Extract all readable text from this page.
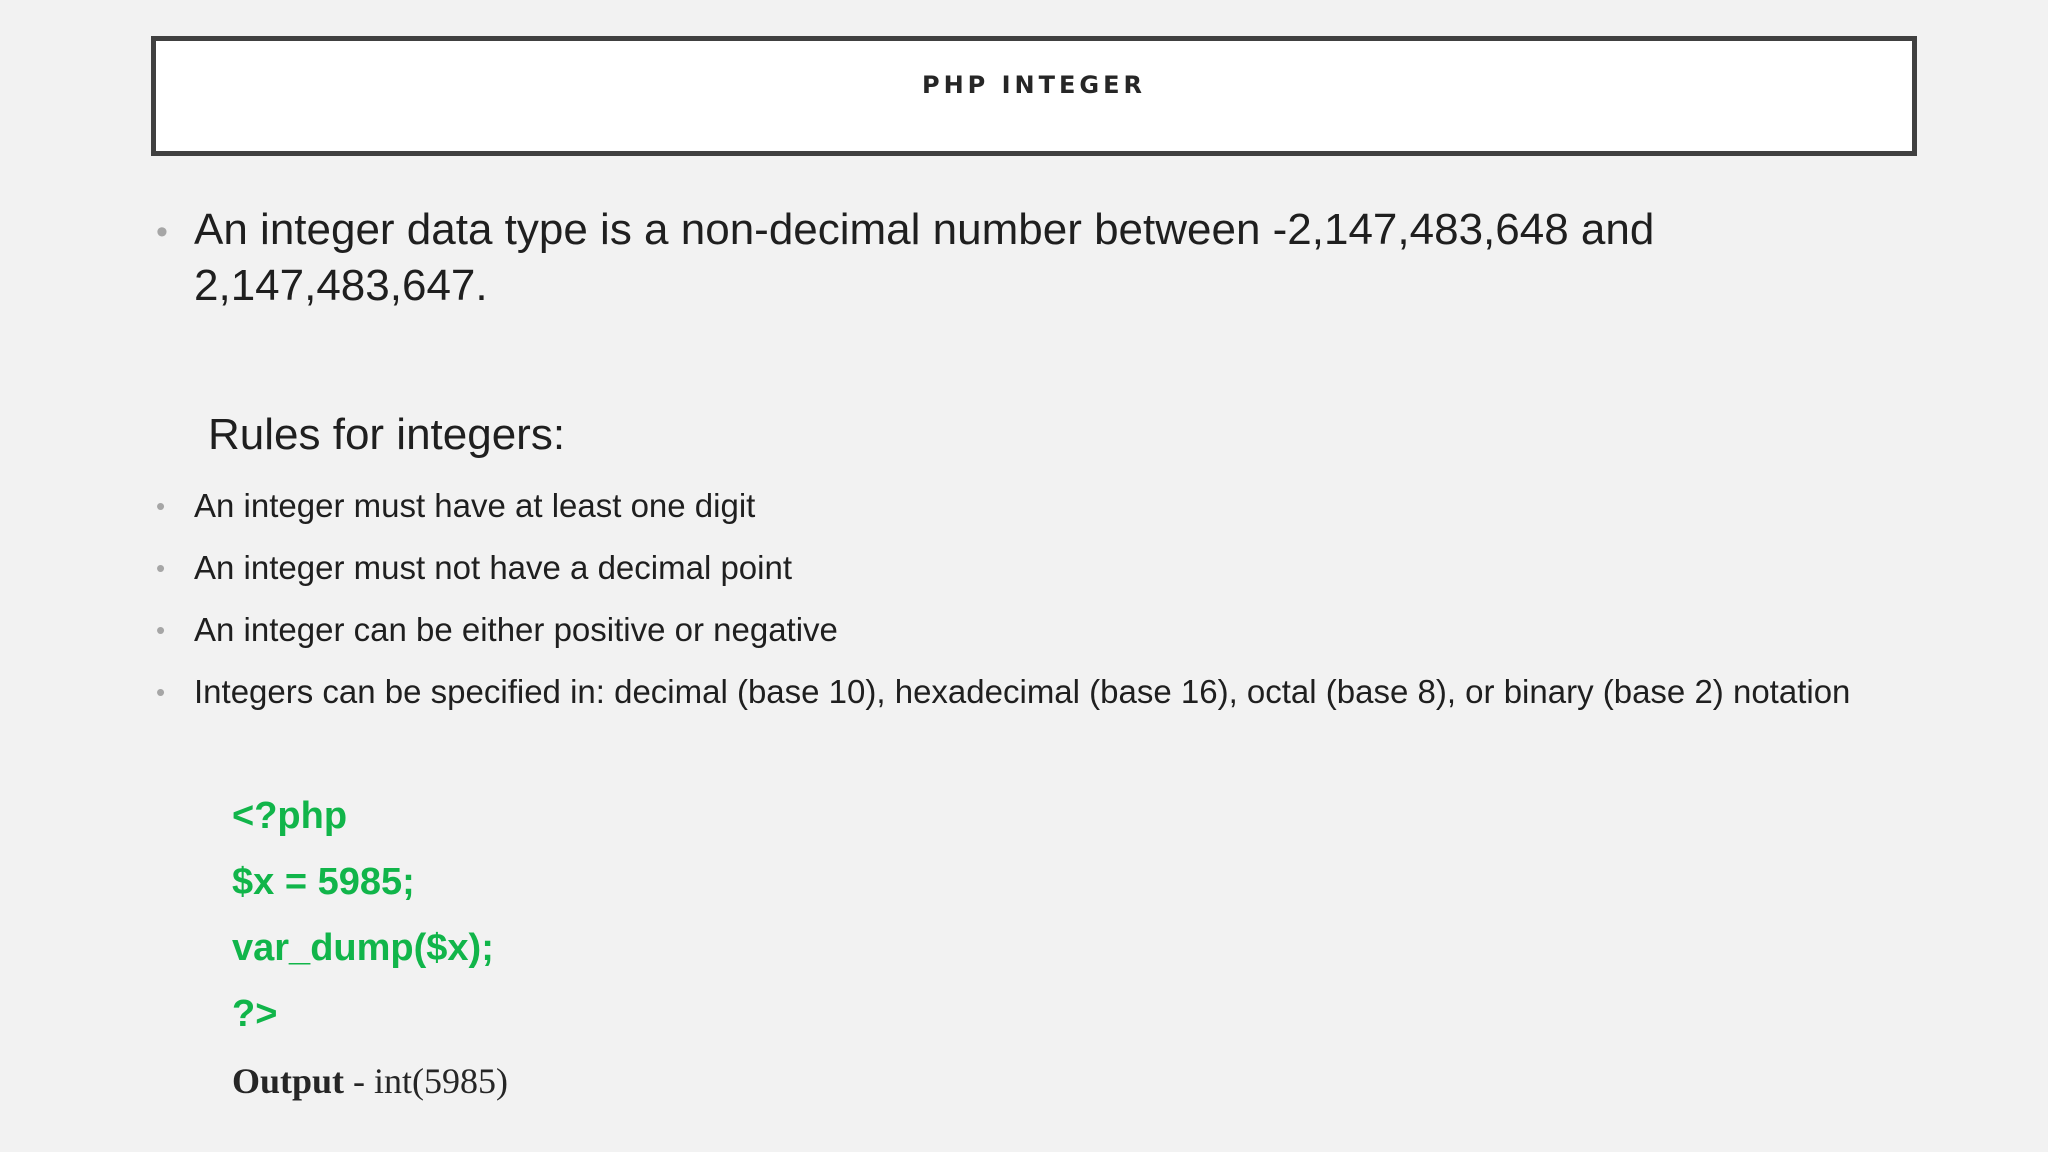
PHP INTEGER
• An integer data type is a non-decimal number between -2,147,483,648 and
2,147,483,647.
Rules for integers:
• An integer must have at least one digit
• An integer must not have a decimal point
• An integer can be either positive or negative
• Integers can be specified in: decimal (base 10), hexadecimal (base 16), octal (base 8), or binary (base 2) notation
<?php
$x = 5985;
var_dump($x);
?>
Output - int(5985)
